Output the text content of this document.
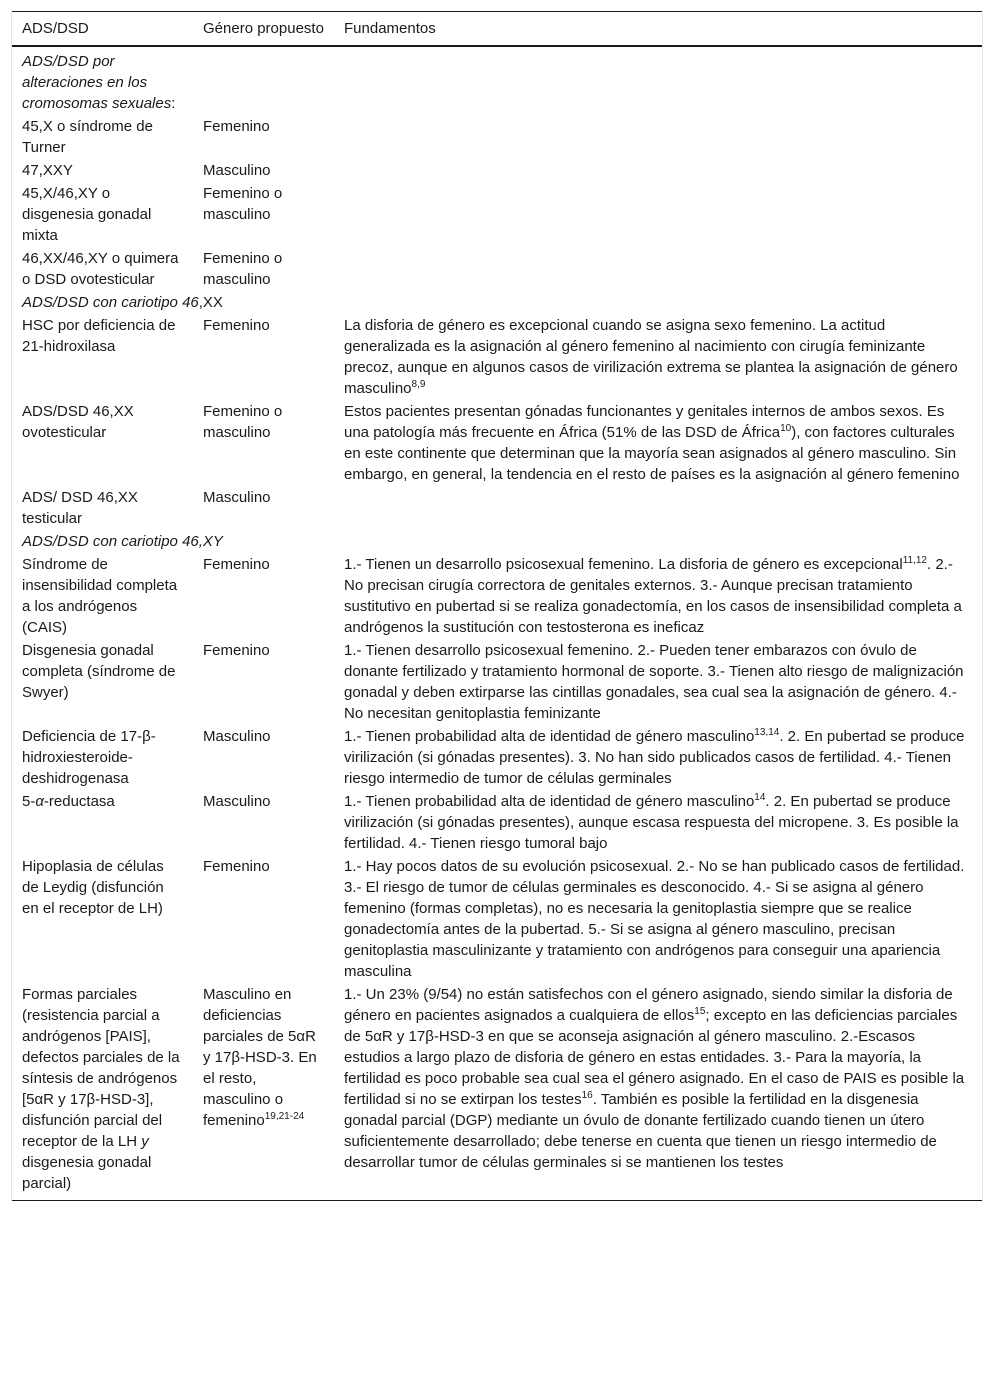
ADS/DSD	Género propuesto	Fundamentos
ADS/DSD por alteraciones en los cromosomas sexuales:		
45,X o síndrome de Turner	Femenino	
47,XXY	Masculino	
45,X/46,XY o disgenesia gonadal mixta	Femenino o masculino	
46,XX/46,XY o quimera o DSD ovotesticular	Femenino o masculino	
ADS/DSD con cariotipo 46,XX		
HSC por deficiencia de 21-hidroxilasa	Femenino	La disforia de género es excepcional cuando se asigna sexo femenino. La actitud generalizada es la asignación al género femenino al nacimiento con cirugía feminizante precoz, aunque en algunos casos de virilización extrema se plantea la asignación de género masculino$^{8,9}$
ADS/DSD 46,XX ovotesticular	Femenino o masculino	Estos pacientes presentan gónadas funcionantes y genitales internos de ambos sexos. Es una patología más frecuente en África (51% de las DSD de África$^{10}$), con factores culturales en este continente que determinan que la mayoría sean asignados al género masculino. Sin embargo, en general, la tendencia en el resto de países es la asignación al género femenino
ADS/ DSD 46,XX testicular	Masculino	
ADS/DSD con cariotipo 46,XY		
Síndrome de insensibilidad completa a los andrógenos (CAIS)	Femenino	1.- Tienen un desarrollo psicosexual femenino. La disforia de género es excepcional$^{11,12}$. 2.- No precisan cirugía correctora de genitales externos. 3.- Aunque precisan tratamiento sustitutivo en pubertad si se realiza gonadectomía, en los casos de insensibilidad completa a andrógenos la sustitución con testosterona es ineficaz
Disgenesia gonadal completa (síndrome de Swyer)	Femenino	1.- Tienen desarrollo psicosexual femenino. 2.- Pueden tener embarazos con óvulo de donante fertilizado y tratamiento hormonal de soporte. 3.- Tienen alto riesgo de malignización gonadal y deben extirparse las cintillas gonadales, sea cual sea la asignación de género. 4.- No necesitan genitoplastia feminizante
Deficiencia de 17-β-hidroxiesteroide-deshidrogenasa	Masculino	1.- Tienen probabilidad alta de identidad de género masculino$^{13,14}$. 2. En pubertad se produce virilización (si gónadas presentes). 3. No han sido publicados casos de fertilidad. 4.- Tienen riesgo intermedio de tumor de células germinales
5-α-reductasa	Masculino	1.- Tienen probabilidad alta de identidad de género masculino$^{14}$. 2. En pubertad se produce virilización (si gónadas presentes), aunque escasa respuesta del micropene. 3. Es posible la fertilidad. 4.- Tienen riesgo tumoral bajo
Hipoplasia de células de Leydig (disfunción en el receptor de LH)	Femenino	1.- Hay pocos datos de su evolución psicosexual. 2.- No se han publicado casos de fertilidad. 3.- El riesgo de tumor de células germinales es desconocido. 4.- Si se asigna al género femenino (formas completas), no es necesaria la genitoplastia siempre que se realice gonadectomía antes de la pubertad. 5.- Si se asigna al género masculino, precisan genitoplastia masculinizante y tratamiento con andrógenos para conseguir una apariencia masculina
Formas parciales (resistencia parcial a andrógenos [PAIS], defectos parciales de la síntesis de andrógenos [5αR y 17β-HSD-3], disfunción parcial del receptor de la LH y disgenesia gonadal parcial)	Masculino en deficiencias parciales de 5αR y 17β-HSD-3. En el resto, masculino o femenino$^{19,21-24}$	1.- Un 23% (9/54) no están satisfechos con el género asignado, siendo similar la disforia de género en pacientes asignados a cualquiera de ellos$^{15}$; excepto en las deficiencias parciales de 5αR y 17β-HSD-3 en que se aconseja asignación al género masculino. 2.-Escasos estudios a largo plazo de disforia de género en estas entidades. 3.- Para la mayoría, la fertilidad es poco probable sea cual sea el género asignado. En el caso de PAIS es posible la fertilidad si no se extirpan los testes$^{16}$. También es posible la fertilidad en la disgenesia gonadal parcial (DGP) mediante un óvulo de donante fertilizado cuando tienen un útero suficientemente desarrollado; debe tenerse en cuenta que tienen un riesgo intermedio de desarrollar tumor de células germinales si se mantienen los testes
